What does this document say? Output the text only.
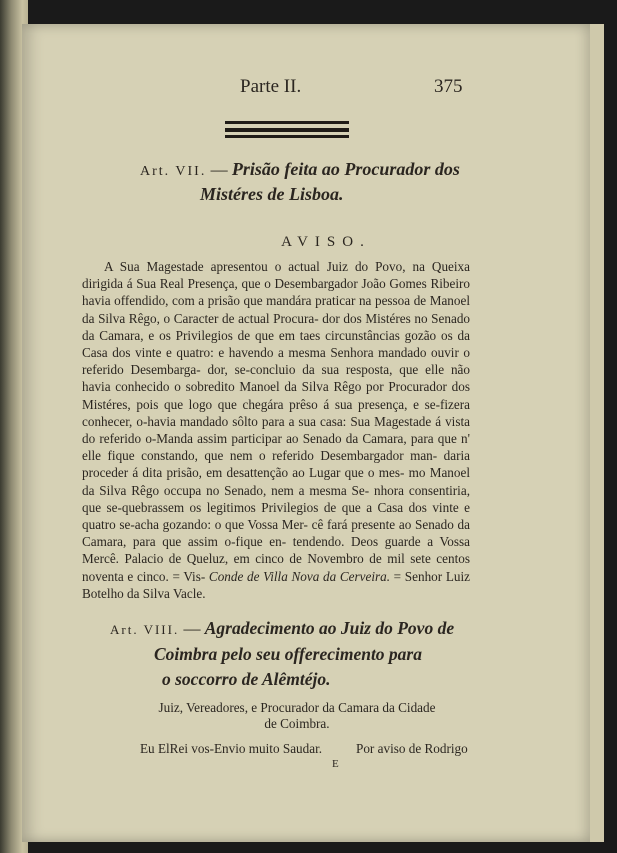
Parte II.	375
Art. VII. — Prisão feita ao Procurador dos
Mistéres de Lisboa.
AVISO.

A Sua Magestade apresentou o actual Juiz do Povo, na Queixa dirigida á Sua Real Presença, que o Desembargador João Gomes Ribeiro havia offendido, com a prisão que mandára praticar na pessoa de Manoel da Silva Rêgo, o Caracter de actual Procura- dor dos Mistéres no Senado da Camara, e os Privilegios de que em taes circunstâncias gozão os da Casa dos vinte e quatro: e havendo a mesma Senhora mandado ouvir o referido Desembarga- dor, se-concluio da sua resposta, que elle não havia conhecido o sobredito Manoel da Silva Rêgo por Procurador dos Mistéres, pois que logo que chegára prêso á sua presença, e se-fizera conhecer, o-havia mandado sôlto para a sua casa: Sua Magestade á vista do referido o-Manda assim participar ao Senado da Camara, para que n' elle fique constando, que nem o referido Desembargador man- daria proceder á dita prisão, em desattenção ao Lugar que o mes- mo Manoel da Silva Rêgo occupa no Senado, nem a mesma Se- nhora consentiria, que se-quebrassem os legitimos Privilegios de que a Casa dos vinte e quatro se-acha gozando: o que Vossa Mer- cê fará presente ao Senado da Camara, para que assim o-fique en- tendendo. Deos guarde a Vossa Mercê. Palacio de Queluz, em cinco de Novembro de mil sete centos noventa e cinco. = Vis- Conde de Villa Nova da Cerveira. = Senhor Luiz Botelho da Silva Vacle.

Art. VIII. — Agradecimento ao Juiz do Povo de
Coimbra pelo seu offerecimento para
o soccorro de Alêmtéjo.
Juiz, Vereadores, e Procurador da Camara da Cidade
de Coimbra.
Eu ElRei vos-Envio muito Saudar.	Por aviso de Rodrigo
E
